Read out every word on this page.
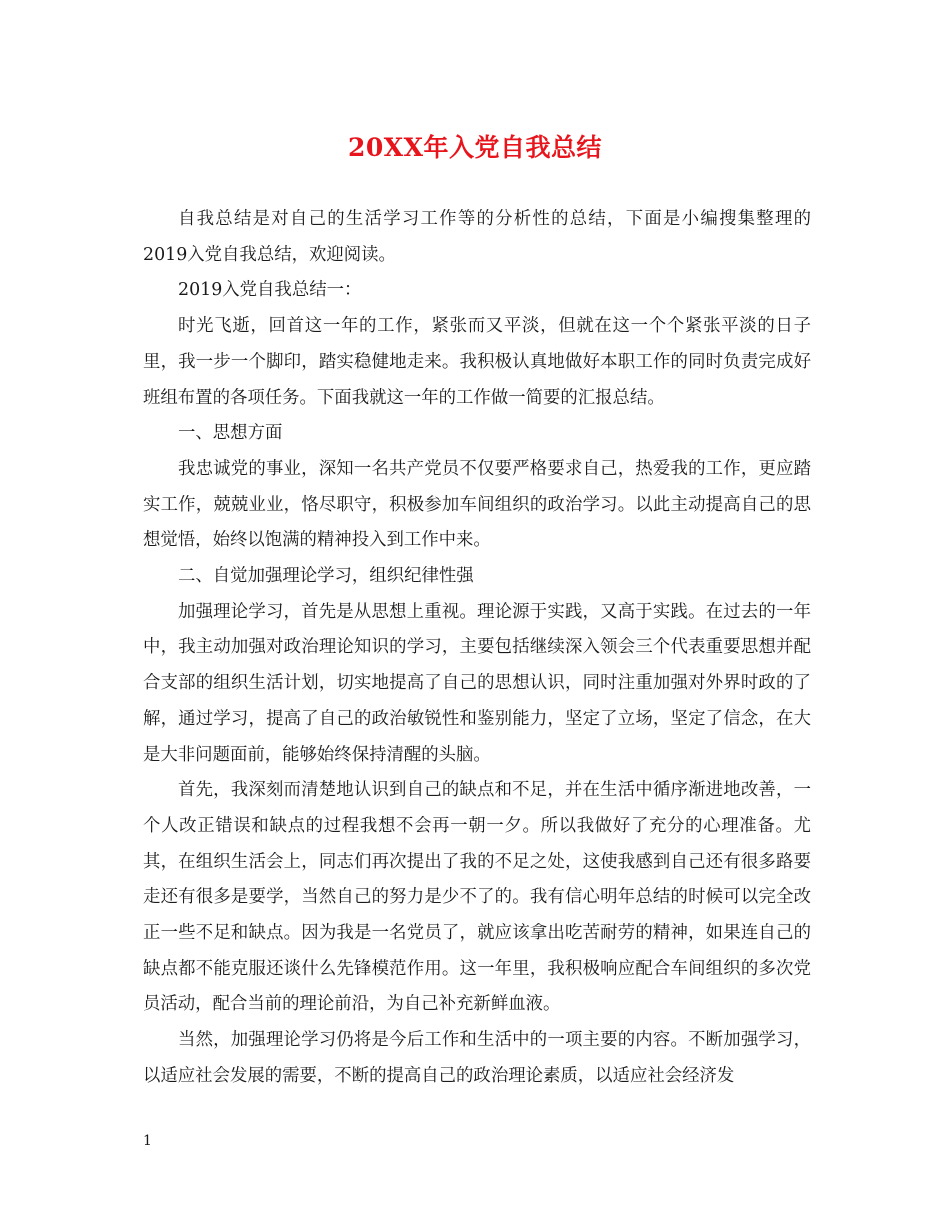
20XX年入党自我总结

自我总结是对自己的生活学习工作等的分析性的总结，下面是小编搜集整理的2019入党自我总结，欢迎阅读。

2019入党自我总结一：

时光飞逝，回首这一年的工作，紧张而又平淡，但就在这一个个紧张平淡的日子里，我一步一个脚印，踏实稳健地走来。我积极认真地做好本职工作的同时负责完成好班组布置的各项任务。下面我就这一年的工作做一简要的汇报总结。

一、思想方面

我忠诚党的事业，深知一名共产党员不仅要严格要求自己，热爱我的工作，更应踏实工作，兢兢业业，恪尽职守，积极参加车间组织的政治学习。以此主动提高自己的思想觉悟，始终以饱满的精神投入到工作中来。

二、自觉加强理论学习，组织纪律性强

加强理论学习，首先是从思想上重视。理论源于实践，又高于实践。在过去的一年中，我主动加强对政治理论知识的学习，主要包括继续深入领会三个代表重要思想并配合支部的组织生活计划，切实地提高了自己的思想认识，同时注重加强对外界时政的了解，通过学习，提高了自己的政治敏锐性和鉴别能力，坚定了立场，坚定了信念，在大是大非问题面前，能够始终保持清醒的头脑。

首先，我深刻而清楚地认识到自己的缺点和不足，并在生活中循序渐进地改善，一个人改正错误和缺点的过程我想不会再一朝一夕。所以我做好了充分的心理准备。尤其，在组织生活会上，同志们再次提出了我的不足之处，这使我感到自己还有很多路要走还有很多是要学，当然自己的努力是少不了的。我有信心明年总结的时候可以完全改正一些不足和缺点。因为我是一名党员了，就应该拿出吃苦耐劳的精神，如果连自己的缺点都不能克服还谈什么先锋模范作用。这一年里，我积极响应配合车间组织的多次党员活动，配合当前的理论前沿，为自己补充新鲜血液。

当然，加强理论学习仍将是今后工作和生活中的一项主要的内容。不断加强学习，以适应社会发展的需要，不断的提高自己的政治理论素质，以适应社会经济发

1
